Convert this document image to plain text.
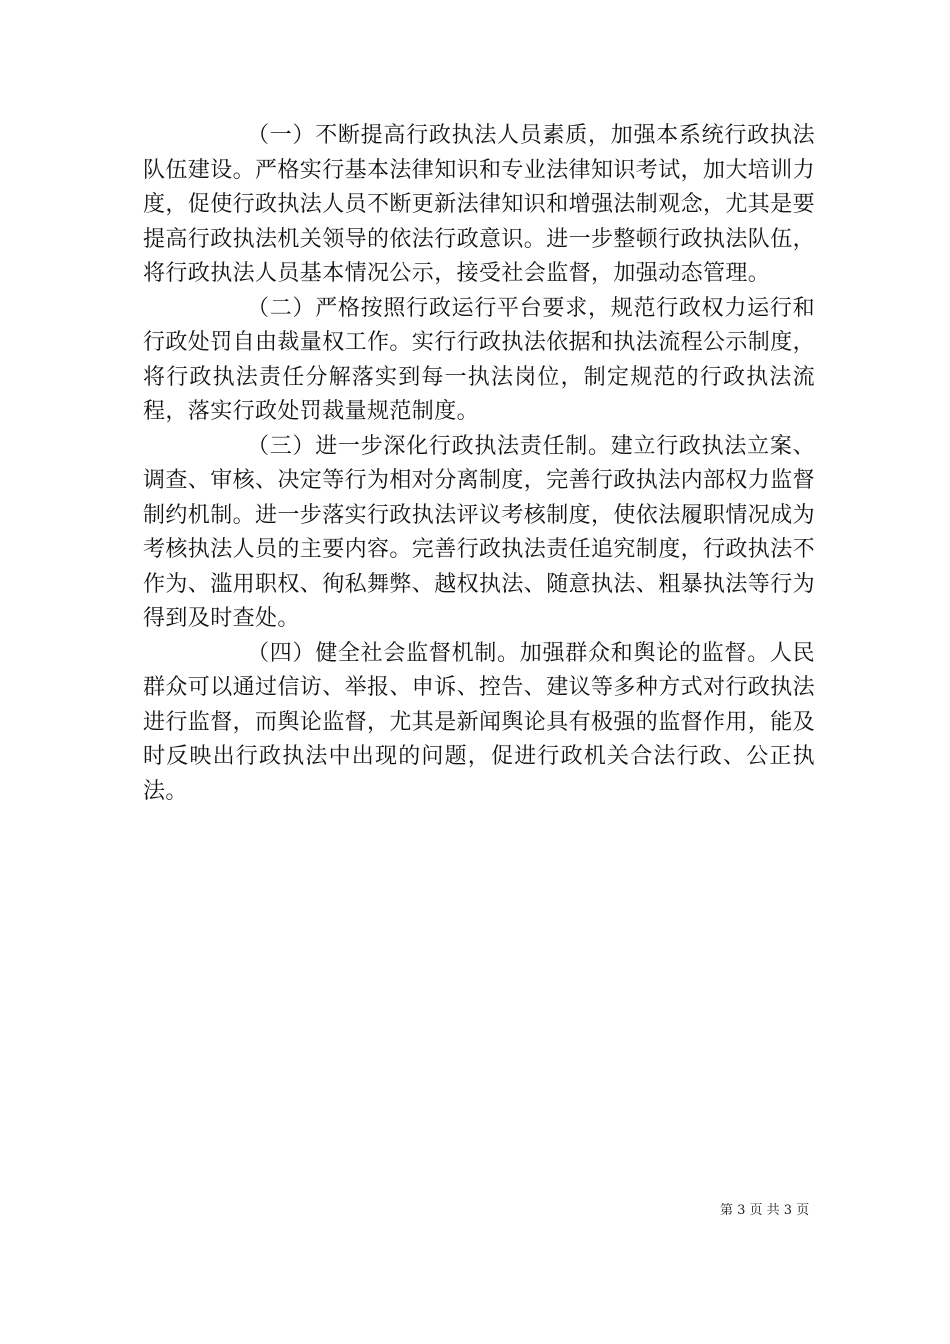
（一）不断提高行政执法人员素质，加强本系统行政执法队伍建设。严格实行基本法律知识和专业法律知识考试，加大培训力度，促使行政执法人员不断更新法律知识和增强法制观念，尤其是要提高行政执法机关领导的依法行政意识。进一步整顿行政执法队伍，将行政执法人员基本情况公示，接受社会监督，加强动态管理。

（二）严格按照行政运行平台要求，规范行政权力运行和行政处罚自由裁量权工作。实行行政执法依据和执法流程公示制度，将行政执法责任分解落实到每一执法岗位，制定规范的行政执法流程，落实行政处罚裁量规范制度。

（三）进一步深化行政执法责任制。建立行政执法立案、调查、审核、决定等行为相对分离制度，完善行政执法内部权力监督制约机制。进一步落实行政执法评议考核制度，使依法履职情况成为考核执法人员的主要内容。完善行政执法责任追究制度，行政执法不作为、滥用职权、徇私舞弊、越权执法、随意执法、粗暴执法等行为得到及时查处。

（四）健全社会监督机制。加强群众和舆论的监督。人民群众可以通过信访、举报、申诉、控告、建议等多种方式对行政执法进行监督，而舆论监督，尤其是新闻舆论具有极强的监督作用，能及时反映出行政执法中出现的问题，促进行政机关合法行政、公正执法。

第 3 页 共 3 页
